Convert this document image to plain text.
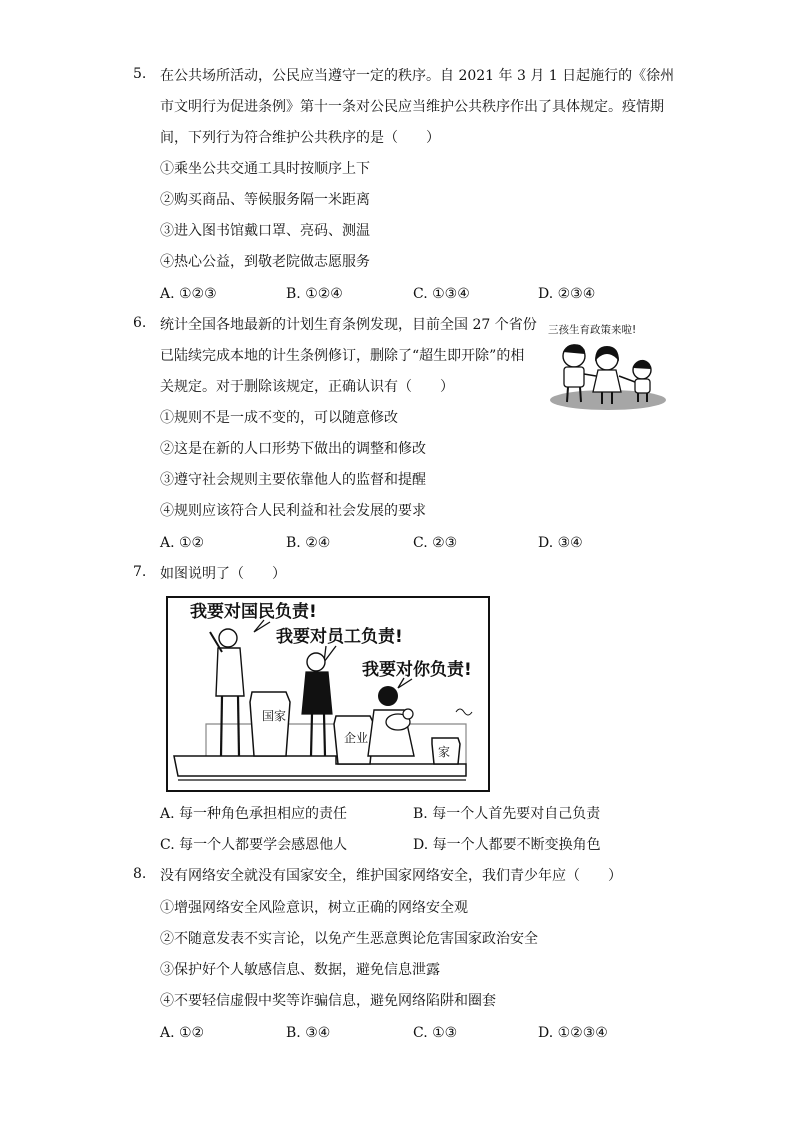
5. 在公共场所活动，公民应当遵守一定的秩序。自 2021 年 3 月 1 日起施行的《徐州
市文明行为促进条例》第十一条对公民应当维护公共秩序作出了具体规定。疫情期
间，下列行为符合维护公共秩序的是（　　）
①乘坐公共交通工具时按顺序上下
②购买商品、等候服务隔一米距离
③进入图书馆戴口罩、亮码、测温
④热心公益，到敬老院做志愿服务
A. ①②③	B. ①②④	C. ①③④	D. ②③④
6. 统计全国各地最新的计划生育条例发现，目前全国 27 个省份
已陆续完成本地的计生条例修订，删除了“超生即开除”的相
关规定。对于删除该规定，正确认识有（　　）
①规则不是一成不变的，可以随意修改
②这是在新的人口形势下做出的调整和修改
③遵守社会规则主要依靠他人的监督和提醒
④规则应该符合人民利益和社会发展的要求
A. ①②	B. ②④	C. ②③	D. ③④
三孩生育政策来啦!
7. 如图说明了（　　）
A. 每一种角色承担相应的责任	B. 每一个人首先要对自己负责
C. 每一个人都要学会感恩他人	D. 每一个人都要不断变换角色
我要对国民负责!
我要对员工负责!
我要对你负责!
国家
企业
家
8. 没有网络安全就没有国家安全，维护国家网络安全，我们青少年应（　　）
①增强网络安全风险意识，树立正确的网络安全观
②不随意发表不实言论，以免产生恶意舆论危害国家政治安全
③保护好个人敏感信息、数据，避免信息泄露
④不要轻信虚假中奖等诈骗信息，避免网络陷阱和圈套
A. ①②	B. ③④	C. ①③	D. ①②③④
